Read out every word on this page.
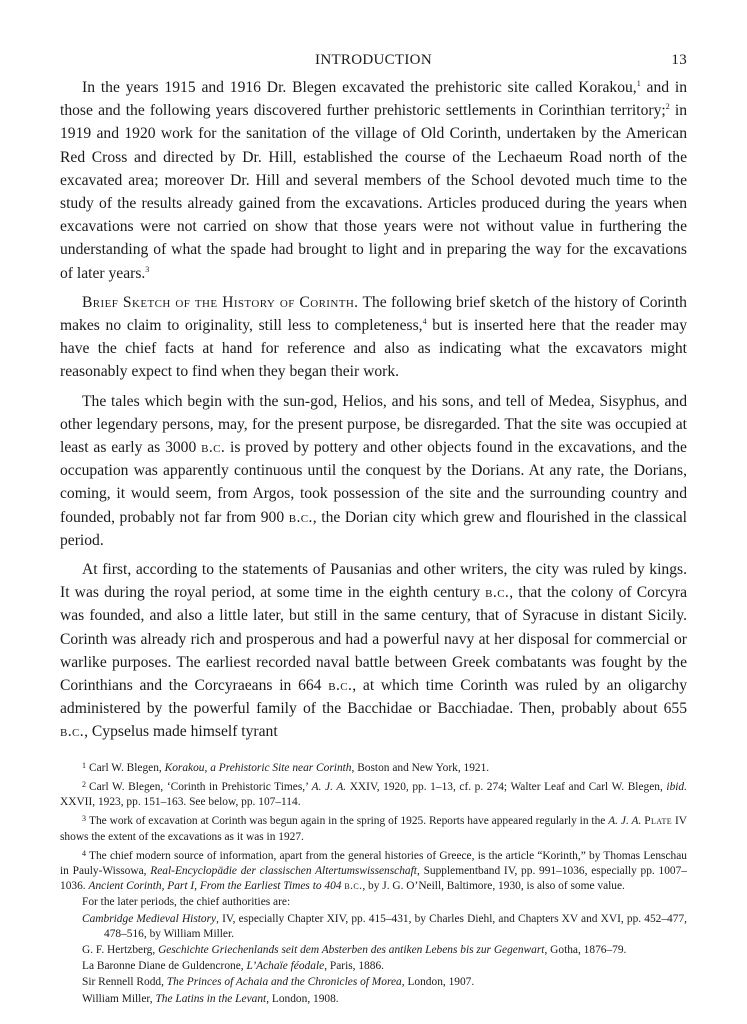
INTRODUCTION	13

In the years 1915 and 1916 Dr. Blegen excavated the prehistoric site called Korakou,$^1$ and in those and the following years discovered further prehistoric settlements in Corinthian territory;$^2$ in 1919 and 1920 work for the sanitation of the village of Old Corinth, undertaken by the American Red Cross and directed by Dr. Hill, established the course of the Lechaeum Road north of the excavated area; moreover Dr. Hill and several members of the School devoted much time to the study of the results already gained from the excavations. Articles produced during the years when excavations were not carried on show that those years were not without value in furthering the understanding of what the spade had brought to light and in preparing the way for the excavations of later years.$^3$

Brief Sketch of the History of Corinth. The following brief sketch of the history of Corinth makes no claim to originality, still less to completeness,$^4$ but is inserted here that the reader may have the chief facts at hand for reference and also as indicating what the excavators might reasonably expect to find when they began their work.

The tales which begin with the sun-god, Helios, and his sons, and tell of Medea, Sisyphus, and other legendary persons, may, for the present purpose, be disregarded. That the site was occupied at least as early as 3000 b.c. is proved by pottery and other objects found in the excavations, and the occupation was apparently continuous until the conquest by the Dorians. At any rate, the Dorians, coming, it would seem, from Argos, took possession of the site and the surrounding country and founded, probably not far from 900 b.c., the Dorian city which grew and flourished in the classical period.

At first, according to the statements of Pausanias and other writers, the city was ruled by kings. It was during the royal period, at some time in the eighth century b.c., that the colony of Corcyra was founded, and also a little later, but still in the same century, that of Syracuse in distant Sicily. Corinth was already rich and prosperous and had a powerful navy at her disposal for commercial or warlike purposes. The earliest recorded naval battle between Greek combatants was fought by the Corinthians and the Corcyraeans in 664 b.c., at which time Corinth was ruled by an oligarchy administered by the powerful family of the Bacchidae or Bacchiadae. Then, probably about 655 b.c., Cypselus made himself tyrant

$^1$ Carl W. Blegen, Korakou, a Prehistoric Site near Corinth, Boston and New York, 1921.

$^2$ Carl W. Blegen, ‘Corinth in Prehistoric Times,’ A. J. A. XXIV, 1920, pp. 1–13, cf. p. 274; Walter Leaf and Carl W. Blegen, ibid. XXVII, 1923, pp. 151–163. See below, pp. 107–114.

$^3$ The work of excavation at Corinth was begun again in the spring of 1925. Reports have appeared regularly in the A. J. A. Plate IV shows the extent of the excavations as it was in 1927.

$^4$ The chief modern source of information, apart from the general histories of Greece, is the article “Korinth,” by Thomas Lenschau in Pauly-Wissowa, Real-Encyclopädie der classischen Altertumswissenschaft, Supplementband IV, pp. 991–1036, especially pp. 1007–1036. Ancient Corinth, Part I, From the Earliest Times to 404 b.c., by J. G. O’Neill, Baltimore, 1930, is also of some value.

For the later periods, the chief authorities are:

Cambridge Medieval History, IV, especially Chapter XIV, pp. 415–431, by Charles Diehl, and Chapters XV and XVI, pp. 452–477, 478–516, by William Miller.

G. F. Hertzberg, Geschichte Griechenlands seit dem Absterben des antiken Lebens bis zur Gegenwart, Gotha, 1876–79.

La Baronne Diane de Guldencrone, L’Achaïe féodale, Paris, 1886.

Sir Rennell Rodd, The Princes of Achaia and the Chronicles of Morea, London, 1907.

William Miller, The Latins in the Levant, London, 1908.
